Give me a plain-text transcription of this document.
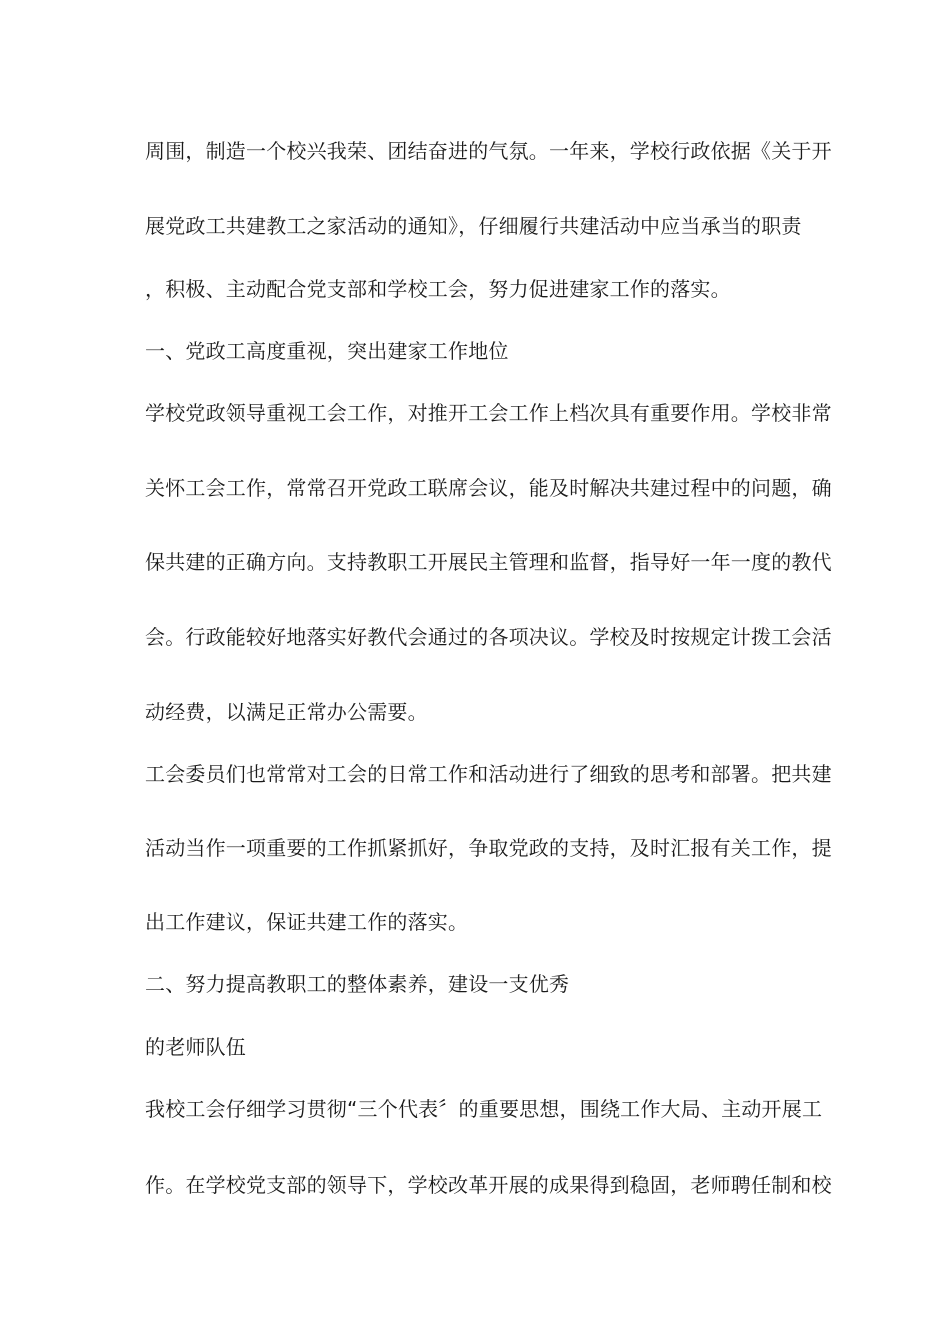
周围，制造一个校兴我荣、团结奋进的气氛。一年来，学校行政依据《关于开
展党政工共建教工之家活动的通知》，仔细履行共建活动中应当承当的职责
，积极、主动配合党支部和学校工会，努力促进建家工作的落实。
一、党政工高度重视，突出建家工作地位
学校党政领导重视工会工作，对推开工会工作上档次具有重要作用。学校非常
关怀工会工作，常常召开党政工联席会议，能及时解决共建过程中的问题，确
保共建的正确方向。支持教职工开展民主管理和监督，指导好一年一度的教代
会。行政能较好地落实好教代会通过的各项决议。学校及时按规定计拨工会活
动经费，以满足正常办公需要。
工会委员们也常常对工会的日常工作和活动进行了细致的思考和部署。把共建
活动当作一项重要的工作抓紧抓好，争取党政的支持，及时汇报有关工作，提
出工作建议，保证共建工作的落实。
二、努力提高教职工的整体素养，建设一支优秀
的老师队伍
我校工会仔细学习贯彻“三个代表〞的重要思想，围绕工作大局、主动开展工
作。在学校党支部的领导下，学校改革开展的成果得到稳固，老师聘任制和校
